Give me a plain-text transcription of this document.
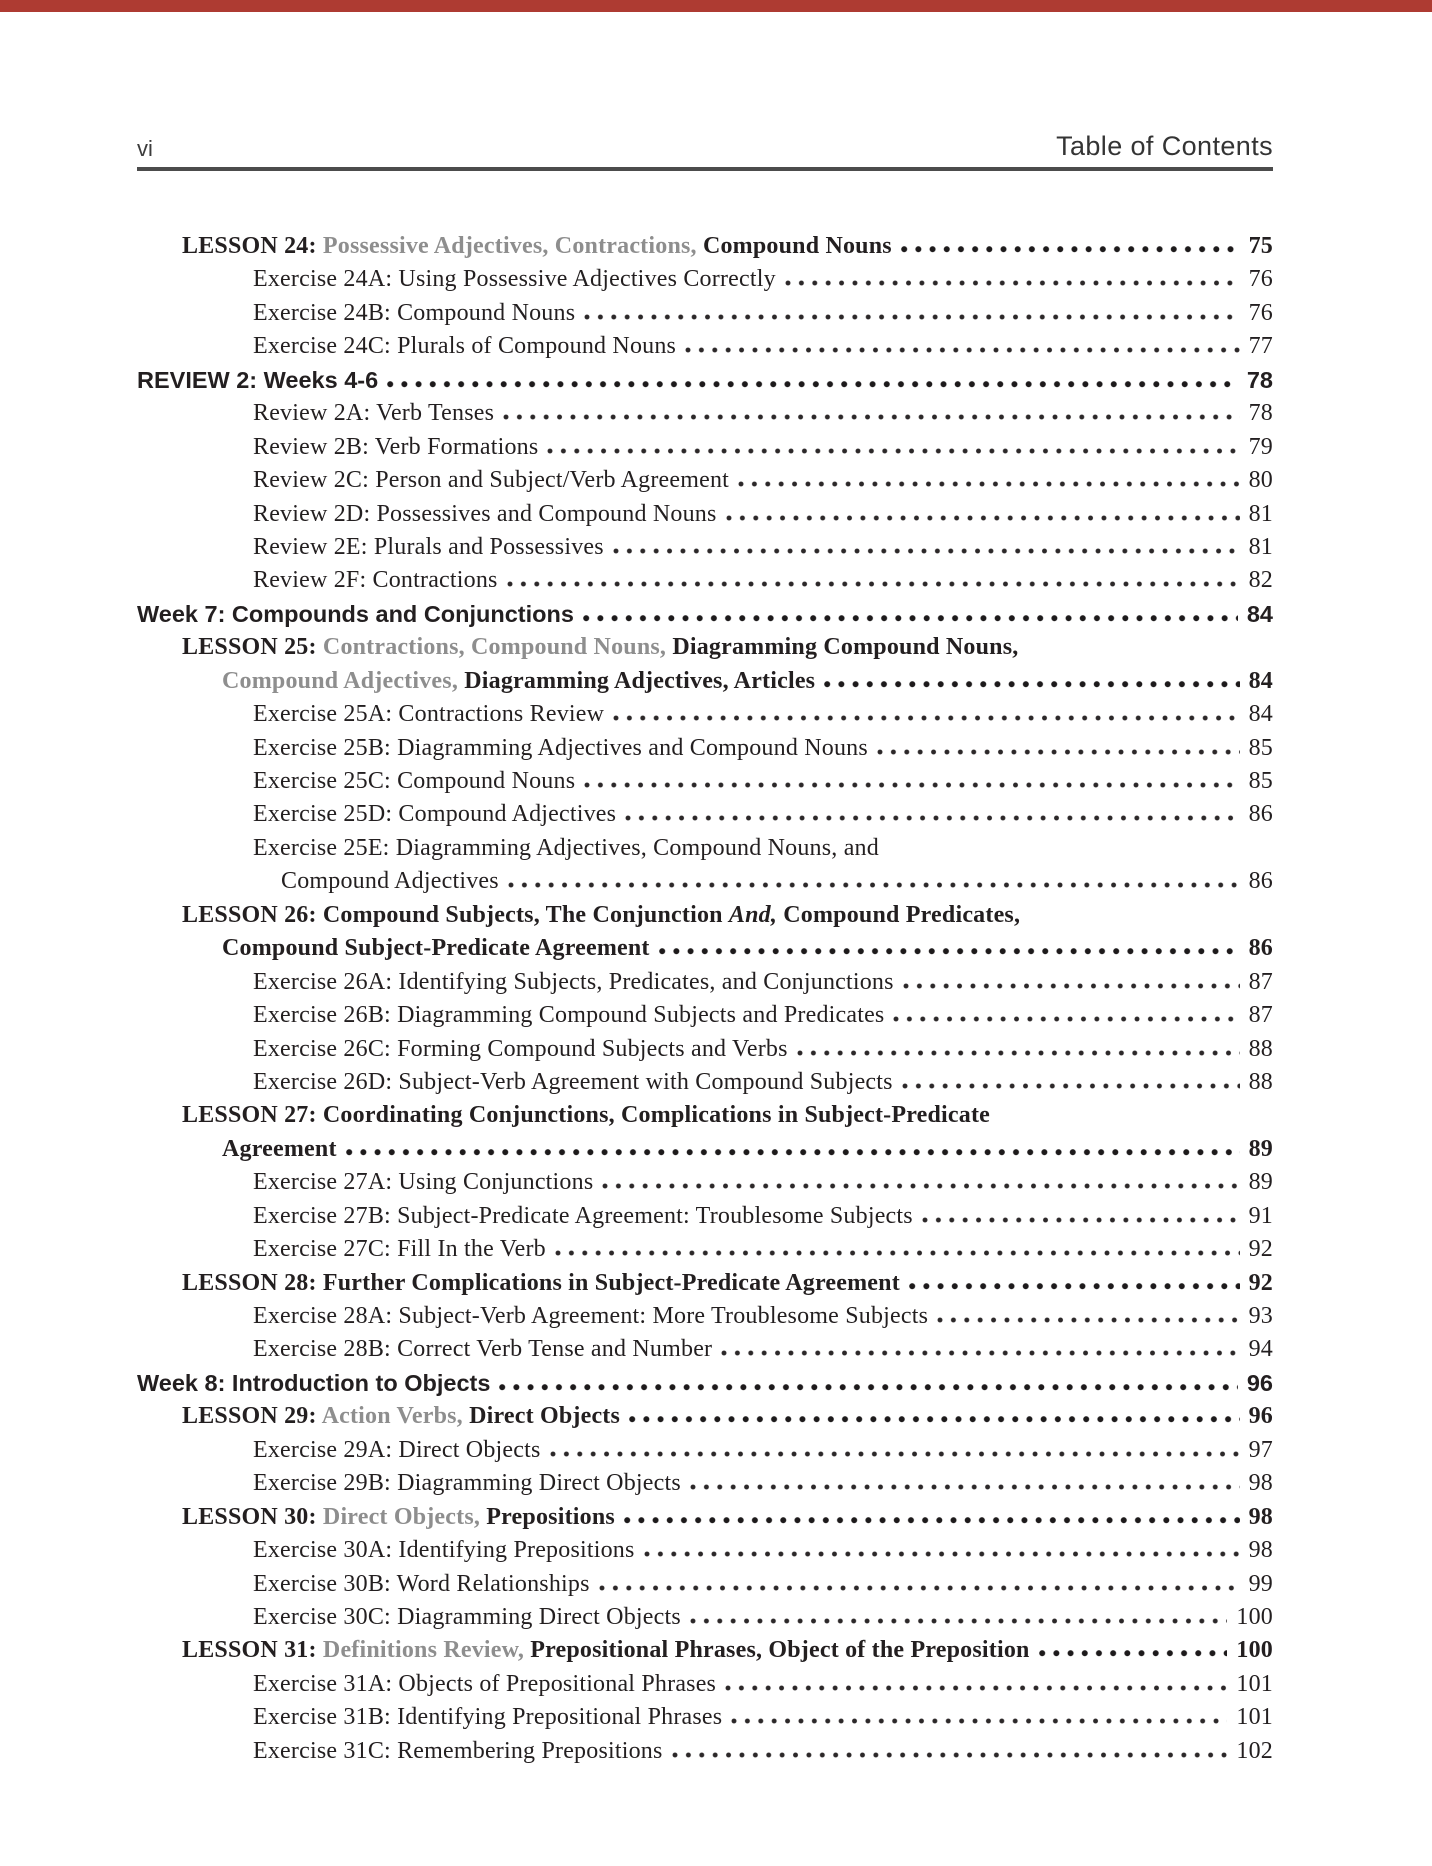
vi	Table of Contents
LESSON 24: Possessive Adjectives, Contractions, Compound Nouns	75
Exercise 24A: Using Possessive Adjectives Correctly	76
Exercise 24B: Compound Nouns	76
Exercise 24C: Plurals of Compound Nouns	77
REVIEW 2: Weeks 4-6	78
Review 2A: Verb Tenses	78
Review 2B: Verb Formations	79
Review 2C: Person and Subject/Verb Agreement	80
Review 2D: Possessives and Compound Nouns	81
Review 2E: Plurals and Possessives	81
Review 2F: Contractions	82
Week 7: Compounds and Conjunctions	84
LESSON 25: Contractions, Compound Nouns, Diagramming Compound Nouns,
Compound Adjectives, Diagramming Adjectives, Articles	84
Exercise 25A: Contractions Review	84
Exercise 25B: Diagramming Adjectives and Compound Nouns	85
Exercise 25C: Compound Nouns	85
Exercise 25D: Compound Adjectives	86
Exercise 25E: Diagramming Adjectives, Compound Nouns, and
Compound Adjectives	86
LESSON 26: Compound Subjects, The Conjunction And, Compound Predicates,
Compound Subject-Predicate Agreement	86
Exercise 26A: Identifying Subjects, Predicates, and Conjunctions	87
Exercise 26B: Diagramming Compound Subjects and Predicates	87
Exercise 26C: Forming Compound Subjects and Verbs	88
Exercise 26D: Subject-Verb Agreement with Compound Subjects	88
LESSON 27: Coordinating Conjunctions, Complications in Subject-Predicate
Agreement	89
Exercise 27A: Using Conjunctions	89
Exercise 27B: Subject-Predicate Agreement: Troublesome Subjects	91
Exercise 27C: Fill In the Verb	92
LESSON 28: Further Complications in Subject-Predicate Agreement	92
Exercise 28A: Subject-Verb Agreement: More Troublesome Subjects	93
Exercise 28B: Correct Verb Tense and Number	94
Week 8: Introduction to Objects	96
LESSON 29: Action Verbs, Direct Objects	96
Exercise 29A: Direct Objects	97
Exercise 29B: Diagramming Direct Objects	98
LESSON 30: Direct Objects, Prepositions	98
Exercise 30A: Identifying Prepositions	98
Exercise 30B: Word Relationships	99
Exercise 30C: Diagramming Direct Objects	100
LESSON 31: Definitions Review, Prepositional Phrases, Object of the Preposition	100
Exercise 31A: Objects of Prepositional Phrases	101
Exercise 31B: Identifying Prepositional Phrases	101
Exercise 31C: Remembering Prepositions	102
